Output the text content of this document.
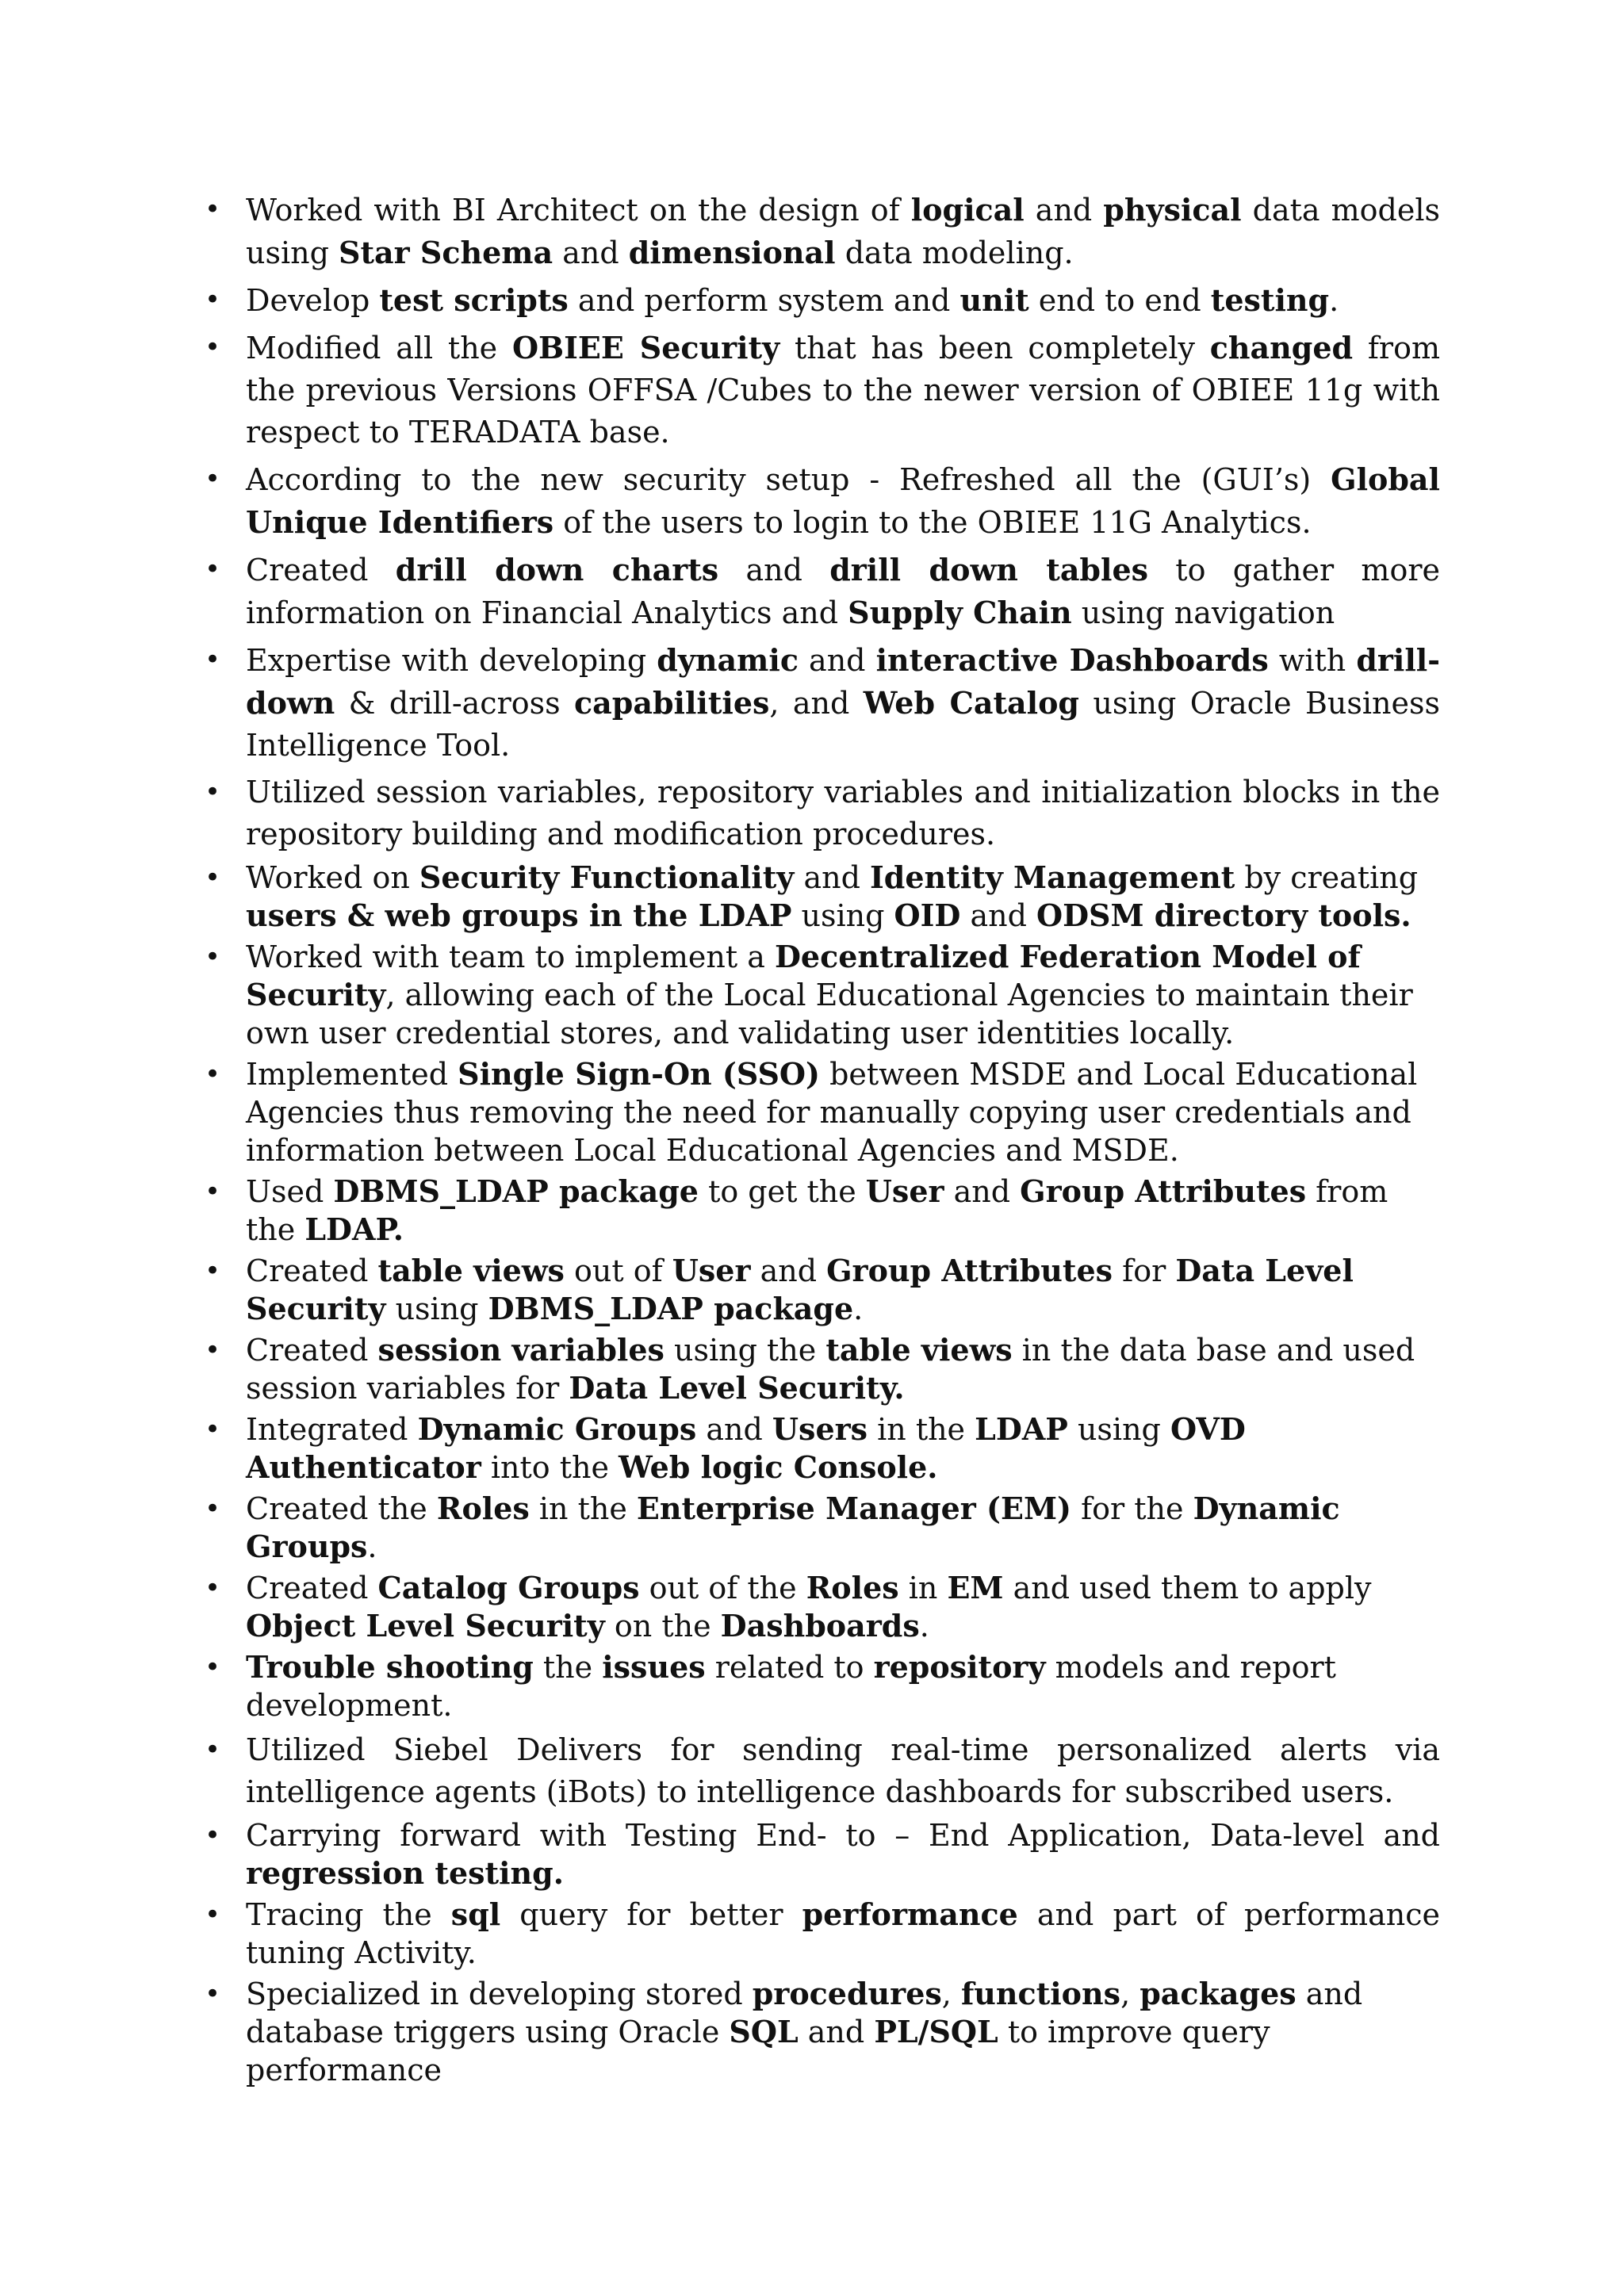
• Worked with BI Architect on the design of logical and physical data models using Star Schema and dimensional data modeling.
• Develop test scripts and perform system and unit end to end testing.
• Modified all the OBIEE Security that has been completely changed from the previous Versions OFFSA /Cubes to the newer version of OBIEE 11g with respect to TERADATA base.
• According to the new security setup - Refreshed all the (GUI’s) Global Unique Identifiers of the users to login to the OBIEE 11G Analytics.
• Created drill down charts and drill down tables to gather more information on Financial Analytics and Supply Chain using navigation
• Expertise with developing dynamic and interactive Dashboards with drill-down & drill-across capabilities, and Web Catalog using Oracle Business Intelligence Tool.
• Utilized session variables, repository variables and initialization blocks in the repository building and modification procedures.
• Worked on Security Functionality and Identity Management by creating users & web groups in the LDAP using OID and ODSM directory tools.
• Worked with team to implement a Decentralized Federation Model of Security, allowing each of the Local Educational Agencies to maintain their own user credential stores, and validating user identities locally.
• Implemented Single Sign-On (SSO) between MSDE and Local Educational Agencies thus removing the need for manually copying user credentials and information between Local Educational Agencies and MSDE.
• Used DBMS_LDAP package to get the User and Group Attributes from the LDAP.
• Created table views out of User and Group Attributes for Data Level Security using DBMS_LDAP package.
• Created session variables using the table views in the data base and used session variables for Data Level Security.
• Integrated Dynamic Groups and Users in the LDAP using OVD Authenticator into the Web logic Console.
• Created the Roles in the Enterprise Manager (EM) for the Dynamic Groups.
• Created Catalog Groups out of the Roles in EM and used them to apply Object Level Security on the Dashboards.
• Trouble shooting the issues related to repository models and report development.
• Utilized Siebel Delivers for sending real-time personalized alerts via intelligence agents (iBots) to intelligence dashboards for subscribed users.
• Carrying forward with Testing End- to – End Application, Data-level and regression testing.
• Tracing the sql query for better performance and part of performance tuning Activity.
• Specialized in developing stored procedures, functions, packages and database triggers using Oracle SQL and PL/SQL to improve query performance
